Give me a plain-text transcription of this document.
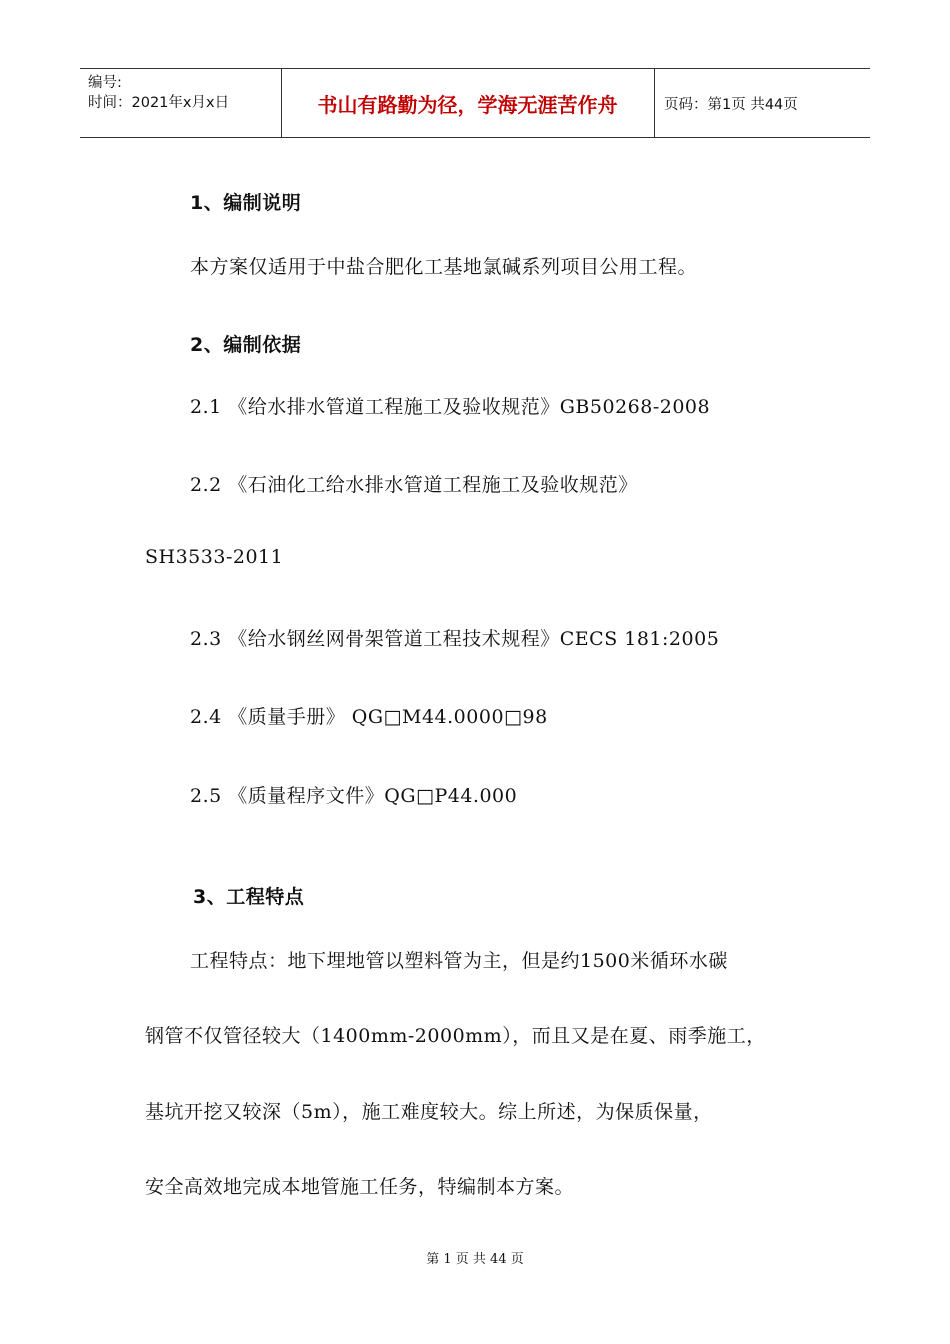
编号:
时间：2021年x月x日	书山有路勤为径，学海无涯苦作舟	页码：第1页 共44页
1、编制说明
本方案仅适用于中盐合肥化工基地氯碱系列项目公用工程。
2、编制依据
2.1 《给水排水管道工程施工及验收规范》GB50268-2008
2.2 《石油化工给水排水管道工程施工及验收规范》
SH3533-2011
2.3 《给水钢丝网骨架管道工程技术规程》CECS 181:2005
2.4 《质量手册》 QG□M44.0000□98
2.5 《质量程序文件》QG□P44.000
3、工程特点
工程特点：地下埋地管以塑料管为主，但是约1500米循环水碳
钢管不仅管径较大（1400mm-2000mm），而且又是在夏、雨季施工，
基坑开挖又较深（5m），施工难度较大。综上所述，为保质保量，
安全高效地完成本地管施工任务，特编制本方案。
第 1 页 共 44 页
